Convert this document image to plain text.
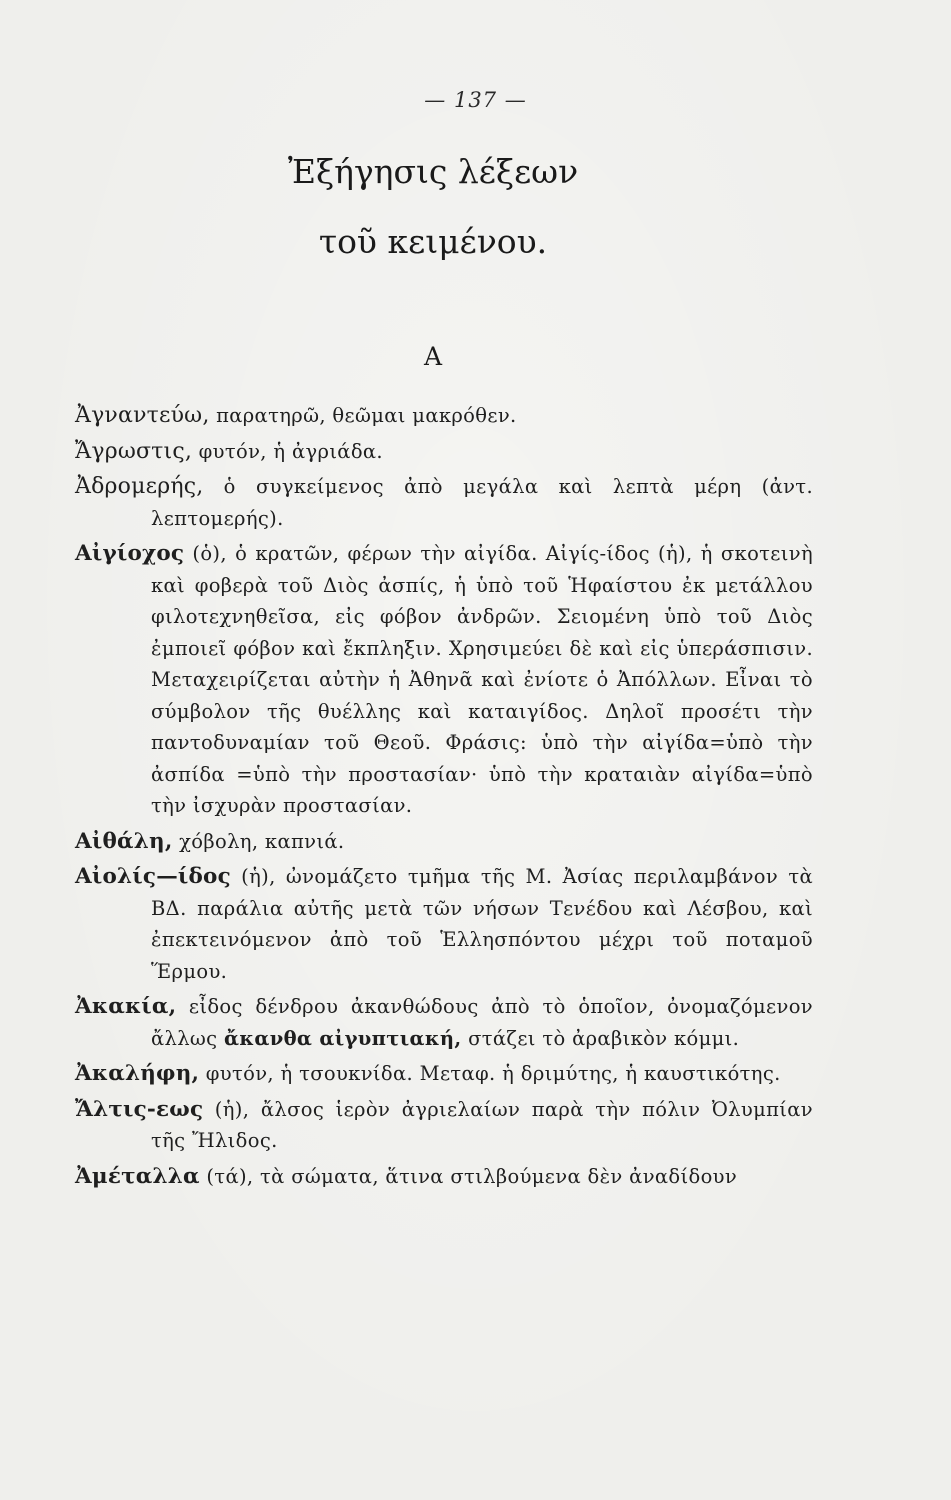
— 137 —
Ἐξήγησις λέξεων
τοῦ κειμένου.
Α

Ἀγναντεύω, παρατηρῶ, θεῶμαι μακρόθεν.

Ἄγρωστις, φυτόν, ἡ ἀγριάδα.

Ἀδρομερής, ὁ συγκείμενος ἀπὸ μεγάλα καὶ λεπτὰ μέρη (ἀντ. λεπτομερής).

Αἰγίοχος (ὁ), ὁ κρατῶν, φέρων τὴν αἰγίδα. Αἰγίς-ίδος (ἡ), ἡ σκοτεινὴ καὶ φοβερὰ τοῦ Διὸς ἀσπίς, ἡ ὑπὸ τοῦ Ἡφαίστου ἐκ μετάλλου φιλοτεχνηθεῖσα, εἰς φόβον ἀνδρῶν. Σειομένη ὑπὸ τοῦ Διὸς ἐμποιεῖ φόβον καὶ ἔκπληξιν. Χρησιμεύει δὲ καὶ εἰς ὑπεράσπισιν. Μεταχειρίζεται αὐτὴν ἡ Ἀθηνᾶ καὶ ἐνίοτε ὁ Ἀπόλλων. Εἶναι τὸ σύμβολον τῆς θυέλλης καὶ καταιγίδος. Δηλοῖ προσέτι τὴν παντοδυναμίαν τοῦ Θεοῦ. Φράσις: ὑπὸ τὴν αἰγίδα=ὑπὸ τὴν ἀσπίδα =ὑπὸ τὴν προστασίαν· ὑπὸ τὴν κραταιὰν αἰγίδα=ὑπὸ τὴν ἰσχυρὰν προστασίαν.

Αἰθάλη, χόβολη, καπνιά.

Αἰολίς—ίδος (ἡ), ὠνομάζετο τμῆμα τῆς Μ. Ἀσίας περιλαμβάνον τὰ ΒΔ. παράλια αὐτῆς μετὰ τῶν νήσων Τενέδου καὶ Λέσβου, καὶ ἐπεκτεινόμενον ἀπὸ τοῦ Ἑλλησπόντου μέχρι τοῦ ποταμοῦ Ἕρμου.

Ἀκακία, εἶδος δένδρου ἀκανθώδους ἀπὸ τὸ ὁποῖον, ὀνομαζόμενον ἄλλως ἄκανθα αἰγυπτιακή, στάζει τὸ ἀραβικὸν κόμμι.

Ἀκαλήφη, φυτόν, ἡ τσουκνίδα. Μεταφ. ἡ δριμύτης, ἡ καυστικότης.

Ἄλτις-εως (ἡ), ἄλσος ἱερὸν ἀγριελαίων παρὰ τὴν πόλιν Ὀλυμπίαν τῆς Ἤλιδος.

Ἀμέταλλα (τά), τὰ σώματα, ἅτινα στιλβούμενα δὲν ἀναδίδουν
